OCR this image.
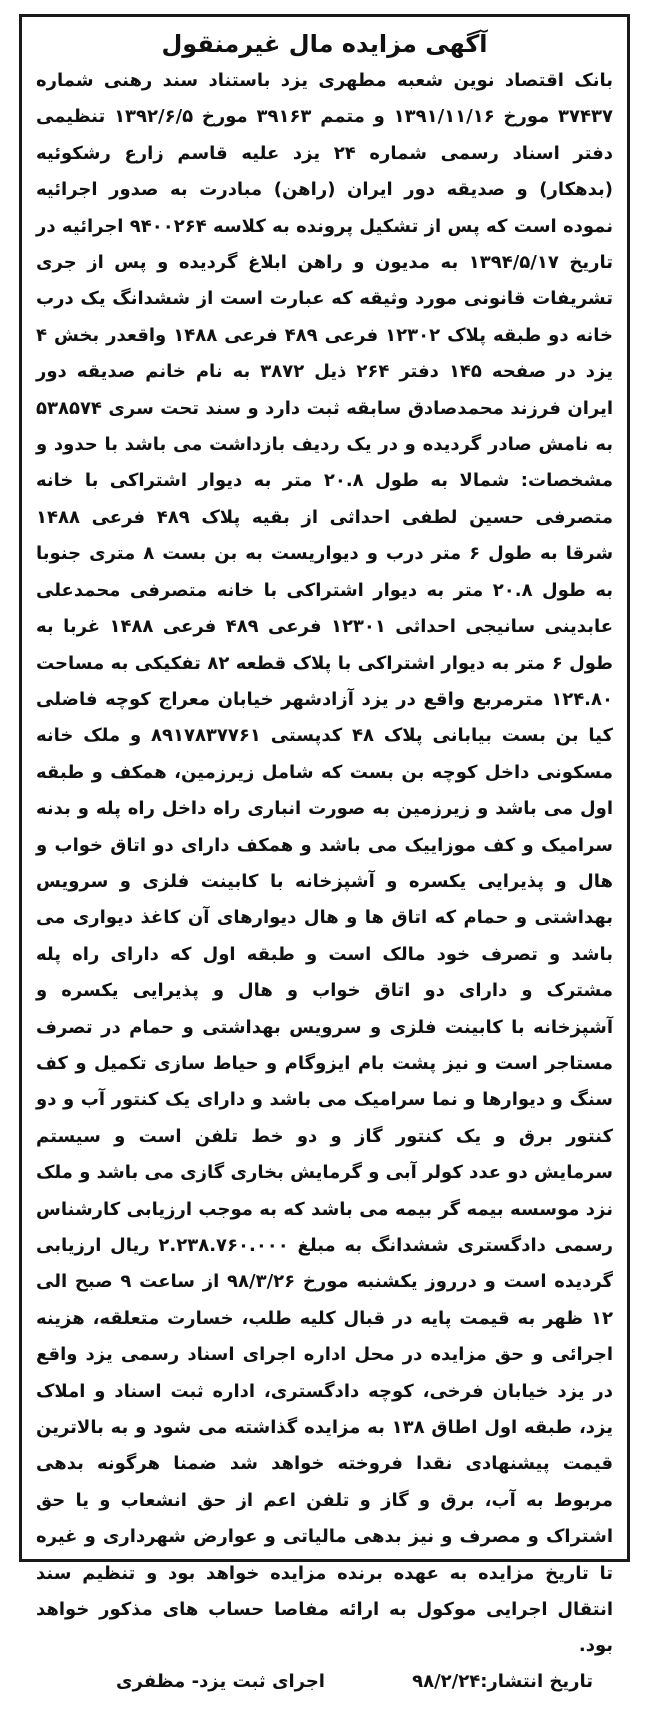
آگهی مزایده مال غیرمنقول

بانک اقتصاد نوین شعبه مطهری یزد باستناد سند رهنی شماره ۳۷۴۳۷ مورخ ۱۳۹۱/۱۱/۱۶ و متمم ۳۹۱۶۳ مورخ ۱۳۹۲/۶/۵ تنظیمی دفتر اسناد رسمی شماره ۲۴ یزد علیه قاسم زارع رشکوئیه (بدهکار) و صدیقه دور ایران (راهن) مبادرت به صدور اجرائیه نموده است که پس از تشکیل پرونده به کلاسه ۹۴۰۰۲۶۴ اجرائیه در تاریخ ۱۳۹۴/۵/۱۷ به مدیون و راهن ابلاغ گردیده و پس از جری تشریفات قانونی مورد وثیقه که عبارت است از ششدانگ یک درب خانه دو طبقه پلاک ۱۲۳۰۲ فرعی ۴۸۹ فرعی ۱۴۸۸ واقعدر بخش ۴ یزد در صفحه ۱۴۵ دفتر ۲۶۴ ذیل ۳۸۷۲ به نام خانم صدیقه دور ایران فرزند محمدصادق سابقه ثبت دارد و سند تحت سری ۵۳۸۵۷۴ به نامش صادر گردیده و در یک ردیف بازداشت می باشد با حدود و مشخصات: شمالا به طول ۲۰.۸ متر به دیوار اشتراکی با خانه متصرفی حسین لطفی احداثی از بقیه پلاک ۴۸۹ فرعی ۱۴۸۸ شرقا به طول ۶ متر درب و دیواریست به بن بست ۸ متری جنوبا به طول ۲۰.۸ متر به دیوار اشتراکی با خانه متصرفی محمدعلی عابدینی سانیجی احداثی ۱۲۳۰۱ فرعی ۴۸۹ فرعی ۱۴۸۸ غربا به طول ۶ متر به دیوار اشتراکی با پلاک قطعه ۸۲ تفکیکی به مساحت ۱۲۴.۸۰ مترمربع واقع در یزد آزادشهر خیابان معراج کوچه فاضلی کیا بن بست بیابانی پلاک ۴۸ کدپستی ۸۹۱۷۸۳۷۷۶۱ و ملک خانه مسکونی داخل کوچه بن بست که شامل زیرزمین، همکف و طبقه اول می باشد و زیرزمین به صورت انباری راه داخل راه پله و بدنه سرامیک و کف موزاییک می باشد و همکف دارای دو اتاق خواب و هال و پذیرایی یکسره و آشپزخانه با کابینت فلزی و سرویس بهداشتی و حمام که اتاق ها و هال دیوارهای آن کاغذ دیواری می باشد و تصرف خود مالک است و طبقه اول که دارای راه پله مشترک و دارای دو اتاق خواب و هال و پذیرایی یکسره و آشپزخانه با کابینت فلزی و سرویس بهداشتی و حمام در تصرف مستاجر است و نیز پشت بام ایزوگام و حیاط سازی تکمیل و کف سنگ و دیوارها و نما سرامیک می باشد و دارای یک کنتور آب و دو کنتور برق و یک کنتور گاز و دو خط تلفن است و سیستم سرمایش دو عدد کولر آبی و گرمایش بخاری گازی می باشد و ملک نزد موسسه بیمه گر بیمه می باشد که به موجب ارزیابی کارشناس رسمی دادگستری ششدانگ به مبلغ ۲.۲۳۸.۷۶۰.۰۰۰ ریال ارزیابی گردیده است و درروز یکشنبه مورخ ۹۸/۳/۲۶ از ساعت ۹ صبح الی ۱۲ ظهر به قیمت پایه در قبال کلیه طلب، خسارت متعلقه، هزینه اجرائی و حق مزایده در محل اداره اجرای اسناد رسمی یزد واقع در یزد خیابان فرخی، کوچه دادگستری، اداره ثبت اسناد و املاک یزد، طبقه اول اطاق ۱۳۸ به مزایده گذاشته می شود و به بالاترین قیمت پیشنهادی نقدا فروخته خواهد شد ضمنا هرگونه بدهی مربوط به آب، برق و گاز و تلفن اعم از حق انشعاب و یا حق اشتراک و مصرف و نیز بدهی مالیاتی و عوارض شهرداری و غیره تا تاریخ مزایده به عهده برنده مزایده خواهد بود و تنظیم سند انتقال اجرایی موکول به ارائه مفاصا حساب های مذکور خواهد بود.

تاریخ انتشار:۹۸/۲/۲۴
اجرای ثبت یزد- مظفری
